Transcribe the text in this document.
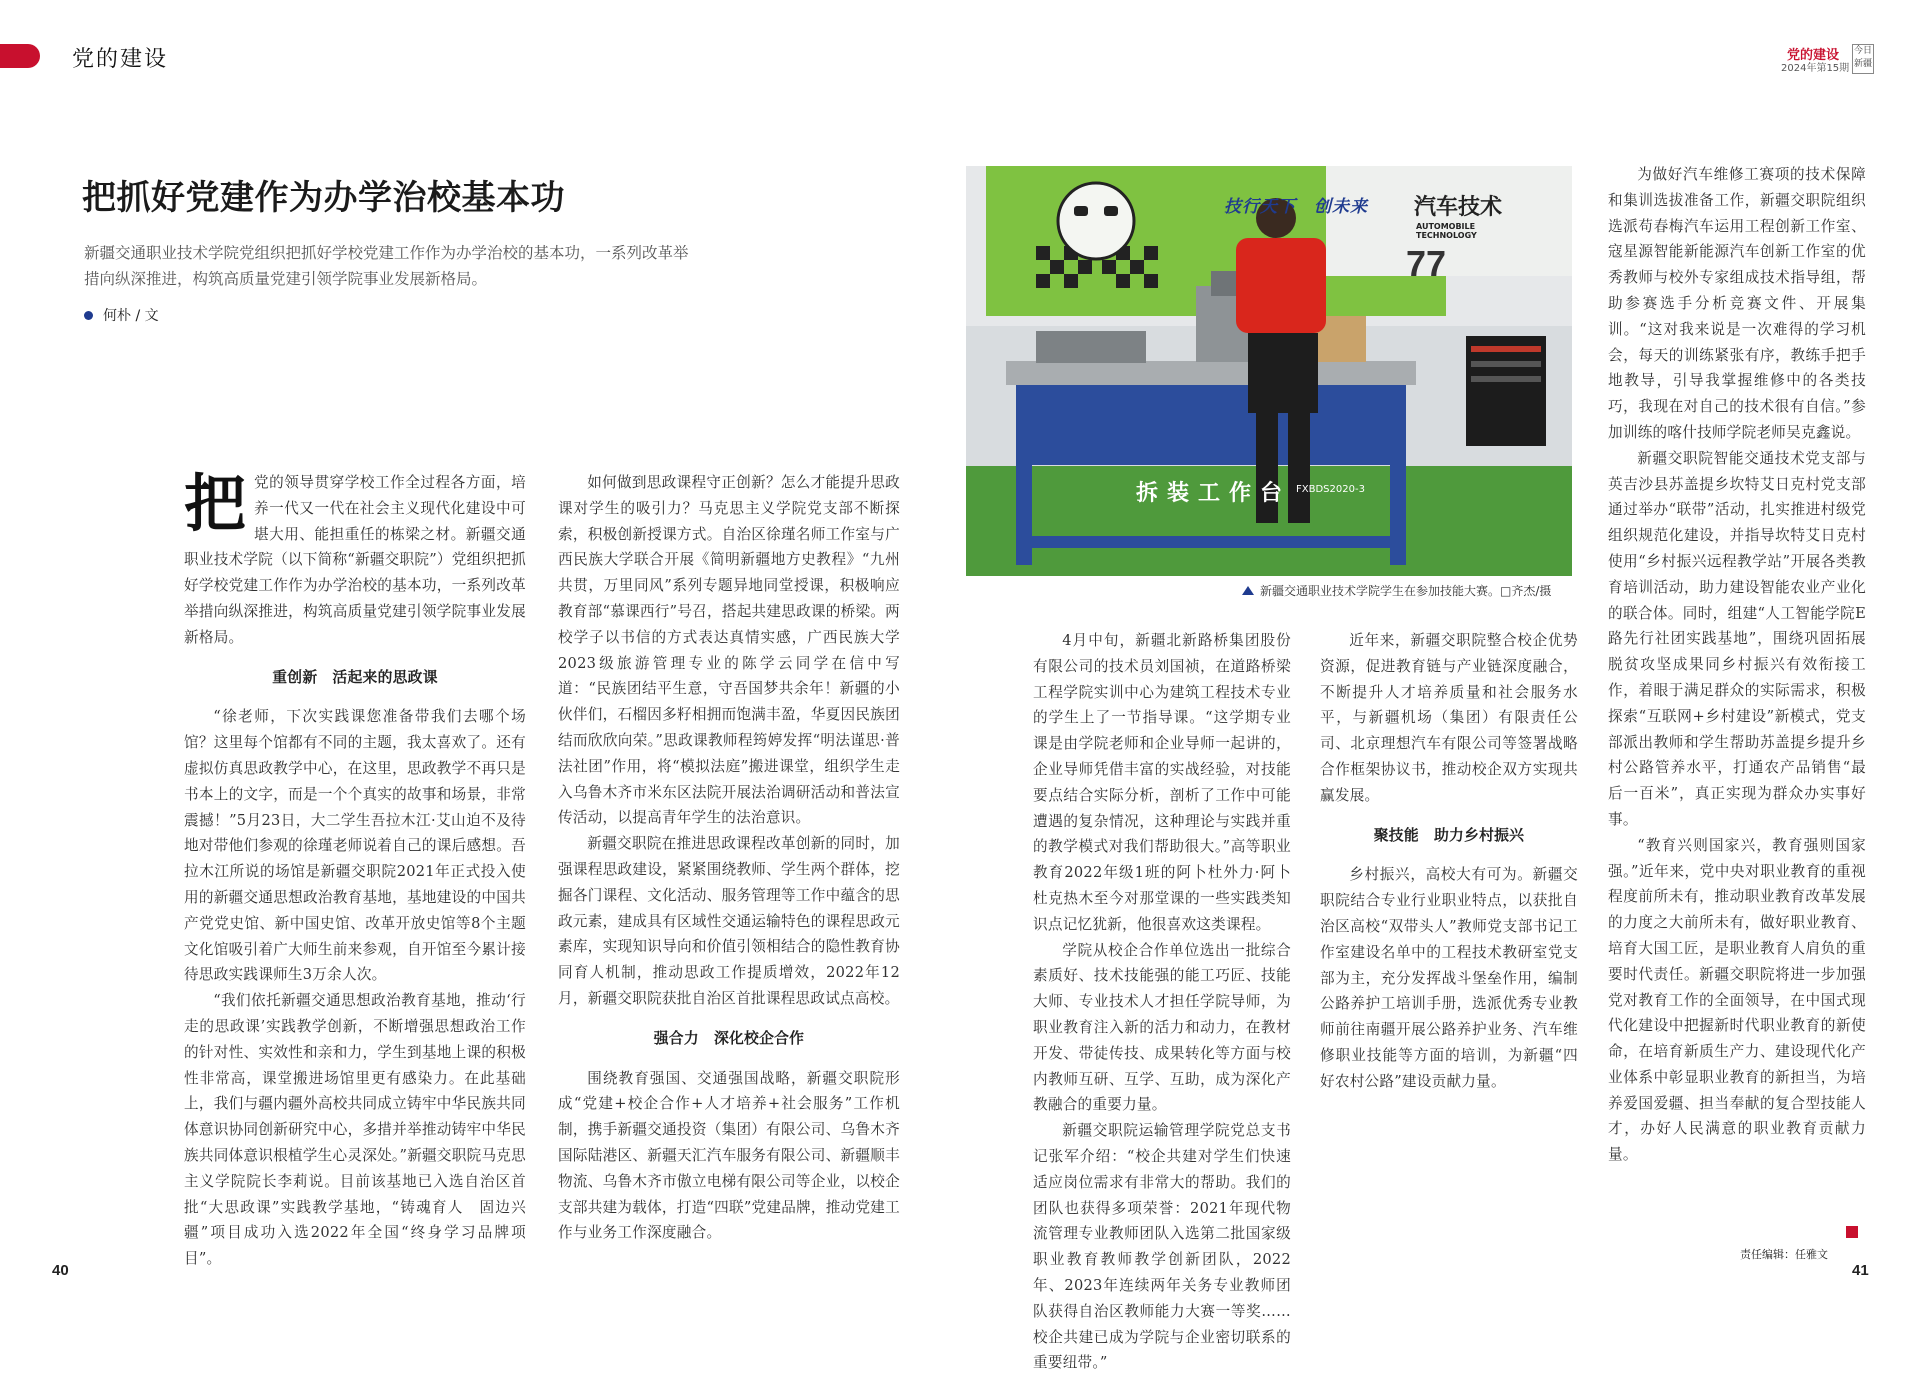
党的建设	党的建设
2024年第15期
今日新疆
把抓好党建作为办学治校基本功
新疆交通职业技术学院党组织把抓好学校党建工作作为办学治校的基本功，一系列改革举措向纵深推进，构筑高质量党建引领学院事业发展新格局。
何朴 / 文
把 党的领导贯穿学校工作全过程各方面，培养一代又一代在社会主义现代化建设中可堪大用、能担重任的栋梁之材。新疆交通职业技术学院（以下简称“新疆交职院”）党组织把抓好学校党建工作作为办学治校的基本功，一系列改革举措向纵深推进，构筑高质量党建引领学院事业发展新格局。

重创新　活起来的思政课

“徐老师，下次实践课您准备带我们去哪个场馆？这里每个馆都有不同的主题，我太喜欢了。还有虚拟仿真思政教学中心，在这里，思政教学不再只是书本上的文字，而是一个个真实的故事和场景，非常震撼！”5月23日，大二学生吾拉木江·艾山迫不及待地对带他们参观的徐瑾老师说着自己的课后感想。吾拉木江所说的场馆是新疆交职院2021年正式投入使用的新疆交通思想政治教育基地，基地建设的中国共产党党史馆、新中国史馆、改革开放史馆等8个主题文化馆吸引着广大师生前来参观，自开馆至今累计接待思政实践课师生3万余人次。

“我们依托新疆交通思想政治教育基地，推动‘行走的思政课’实践教学创新，不断增强思想政治工作的针对性、实效性和亲和力，学生到基地上课的积极性非常高，课堂搬进场馆里更有感染力。在此基础上，我们与疆内疆外高校共同成立铸牢中华民族共同体意识协同创新研究中心，多措并举推动铸牢中华民族共同体意识根植学生心灵深处。”新疆交职院马克思主义学院院长李莉说。目前该基地已入选自治区首批“大思政课”实践教学基地，“铸魂育人　固边兴疆”项目成功入选2022年全国“终身学习品牌项目”。

如何做到思政课程守正创新？怎么才能提升思政课对学生的吸引力？马克思主义学院党支部不断探索，积极创新授课方式。自治区徐瑾名师工作室与广西民族大学联合开展《简明新疆地方史教程》“九州共贯，万里同风”系列专题异地同堂授课，积极响应教育部“慕课西行”号召，搭起共建思政课的桥梁。两校学子以书信的方式表达真情实感，广西民族大学2023级旅游管理专业的陈学云同学在信中写道：“民族团结平生意，守吾国梦共余年！新疆的小伙伴们，石榴因多籽相拥而饱满丰盈，华夏因民族团结而欣欣向荣。”思政课教师程筠婷发挥“明法谨思·普法社团”作用，将“模拟法庭”搬进课堂，组织学生走入乌鲁木齐市米东区法院开展法治调研活动和普法宣传活动，以提高青年学生的法治意识。

新疆交职院在推进思政课程改革创新的同时，加强课程思政建设，紧紧围绕教师、学生两个群体，挖掘各门课程、文化活动、服务管理等工作中蕴含的思政元素，建成具有区域性交通运输特色的课程思政元素库，实现知识导向和价值引领相结合的隐性教育协同育人机制，推动思政工作提质增效，2022年12月，新疆交职院获批自治区首批课程思政试点高校。

强合力　深化校企合作

围绕教育强国、交通强国战略，新疆交职院形成“党建+校企合作+人才培养+社会服务”工作机制，携手新疆交通投资（集团）有限公司、乌鲁木齐国际陆港区、新疆天汇汽车服务有限公司、新疆顺丰物流、乌鲁木齐市傲立电梯有限公司等企业，以校企支部共建为载体，打造“四联”党建品牌，推动党建工作与业务工作深度融合。

77
技行天下　创未来 汽车技术
AUTOMOBILE TECHNOLOGY
拆装工作台 FXBDS2020-3
新疆交通职业技术学院学生在参加技能大赛。□齐杰/摄

4月中旬，新疆北新路桥集团股份有限公司的技术员刘国祯，在道路桥梁工程学院实训中心为建筑工程技术专业的学生上了一节指导课。“这学期专业课是由学院老师和企业导师一起讲的，企业导师凭借丰富的实战经验，对技能要点结合实际分析，剖析了工作中可能遭遇的复杂情况，这种理论与实践并重的教学模式对我们帮助很大。”高等职业教育2022年级1班的阿卜杜外力·阿卜杜克热木至今对那堂课的一些实践类知识点记忆犹新，他很喜欢这类课程。

学院从校企合作单位选出一批综合素质好、技术技能强的能工巧匠、技能大师、专业技术人才担任学院导师，为职业教育注入新的活力和动力，在教材开发、带徒传技、成果转化等方面与校内教师互研、互学、互助，成为深化产教融合的重要力量。

新疆交职院运输管理学院党总支书记张军介绍：“校企共建对学生们快速适应岗位需求有非常大的帮助。我们的团队也获得多项荣誉：2021年现代物流管理专业教师团队入选第二批国家级职业教育教师教学创新团队，2022年、2023年连续两年关务专业教师团队获得自治区教师能力大赛一等奖……校企共建已成为学院与企业密切联系的重要纽带。”

近年来，新疆交职院整合校企优势资源，促进教育链与产业链深度融合，不断提升人才培养质量和社会服务水平，与新疆机场（集团）有限责任公司、北京理想汽车有限公司等签署战略合作框架协议书，推动校企双方实现共赢发展。

聚技能　助力乡村振兴

乡村振兴，高校大有可为。新疆交职院结合专业行业职业特点，以获批自治区高校“双带头人”教师党支部书记工作室建设名单中的工程技术教研室党支部为主，充分发挥战斗堡垒作用，编制公路养护工培训手册，选派优秀专业教师前往南疆开展公路养护业务、汽车维修职业技能等方面的培训，为新疆“四好农村公路”建设贡献力量。

为做好汽车维修工赛项的技术保障和集训选拔准备工作，新疆交职院组织选派苟春梅汽车运用工程创新工作室、寇星源智能新能源汽车创新工作室的优秀教师与校外专家组成技术指导组，帮助参赛选手分析竞赛文件、开展集训。“这对我来说是一次难得的学习机会，每天的训练紧张有序，教练手把手地教导，引导我掌握维修中的各类技巧，我现在对自己的技术很有自信。”参加训练的喀什技师学院老师吴克鑫说。

新疆交职院智能交通技术党支部与英吉沙县苏盖提乡坎特艾日克村党支部通过举办“联带”活动，扎实推进村级党组织规范化建设，并指导坎特艾日克村使用“乡村振兴远程教学站”开展各类教育培训活动，助力建设智能农业产业化的联合体。同时，组建“人工智能学院E路先行社团实践基地”，围绕巩固拓展脱贫攻坚成果同乡村振兴有效衔接工作，着眼于满足群众的实际需求，积极探索“互联网+乡村建设”新模式，党支部派出教师和学生帮助苏盖提乡提升乡村公路管养水平，打通农产品销售“最后一百米”，真正实现为群众办实事好事。

“教育兴则国家兴，教育强则国家强。”近年来，党中央对职业教育的重视程度前所未有，推动职业教育改革发展的力度之大前所未有，做好职业教育、培育大国工匠，是职业教育人肩负的重要时代责任。新疆交职院将进一步加强党对教育工作的全面领导，在中国式现代化建设中把握新时代职业教育的新使命，在培育新质生产力、建设现代化产业体系中彰显职业教育的新担当，为培养爱国爱疆、担当奉献的复合型技能人才，办好人民满意的职业教育贡献力量。

40	41
责任编辑：任雅文
